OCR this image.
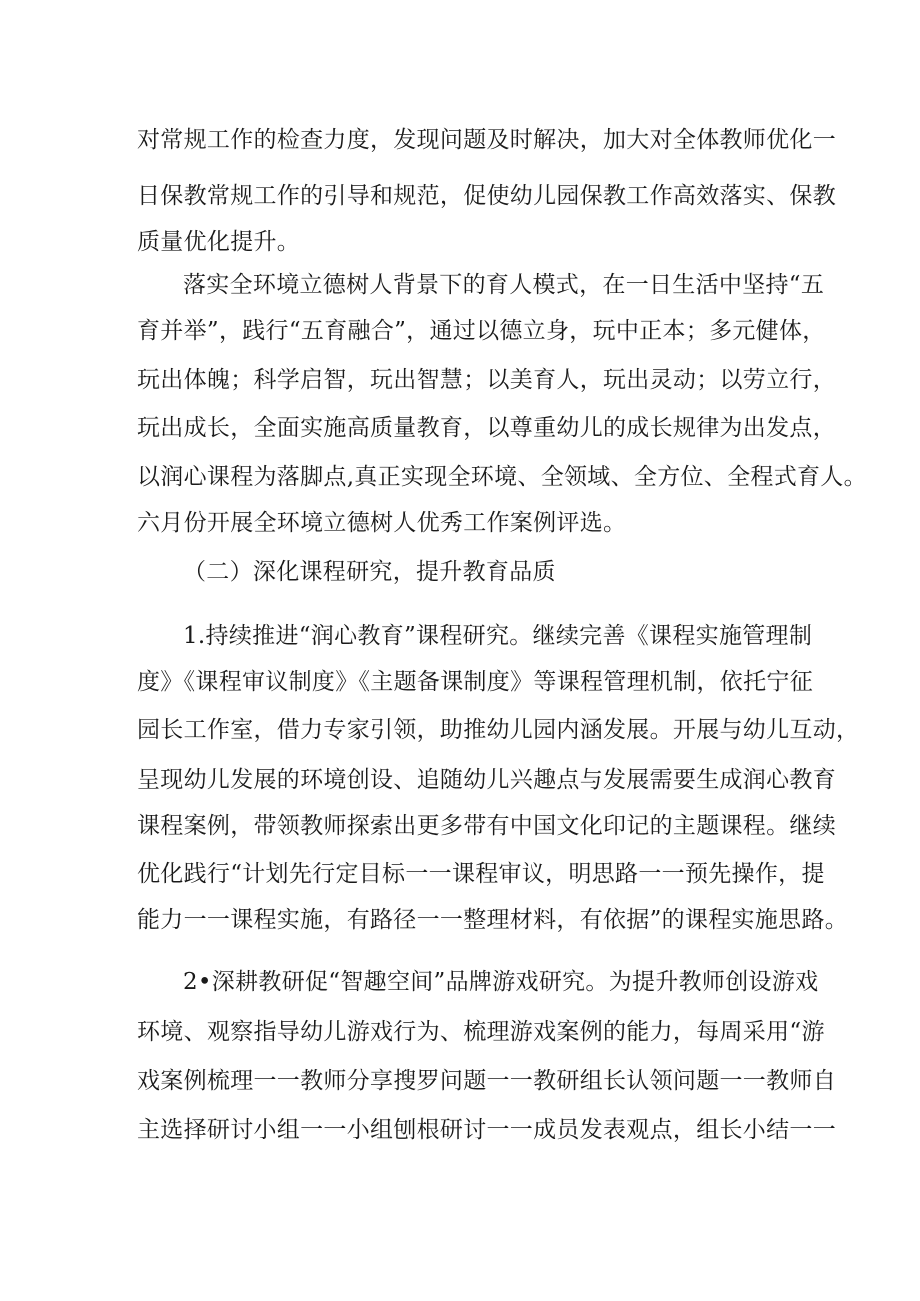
对常规工作的检查力度，发现问题及时解决，加大对全体教师优化一
日保教常规工作的引导和规范，促使幼儿园保教工作高效落实、保教
质量优化提升。
落实全环境立德树人背景下的育人模式，在一日生活中坚持“五
育并举”，践行“五育融合”，通过以德立身，玩中正本；多元健体，
玩出体魄；科学启智，玩出智慧；以美育人，玩出灵动；以劳立行，
玩出成长，全面实施高质量教育，以尊重幼儿的成长规律为出发点，
以润心课程为落脚点,真正实现全环境、全领域、全方位、全程式育人。
六月份开展全环境立德树人优秀工作案例评选。
（二）深化课程研究，提升教育品质
1.持续推进“润心教育”课程研究。继续完善《课程实施管理制
度》《课程审议制度》《主题备课制度》等课程管理机制，依托宁征
园长工作室，借力专家引领，助推幼儿园内涵发展。开展与幼儿互动，
呈现幼儿发展的环境创设、追随幼儿兴趣点与发展需要生成润心教育
课程案例，带领教师探索出更多带有中国文化印记的主题课程。继续
优化践行“计划先行定目标一一课程审议，明思路一一预先操作，提
能力一一课程实施，有路径一一整理材料，有依据”的课程实施思路。
2•深耕教研促“智趣空间”品牌游戏研究。为提升教师创设游戏
环境、观察指导幼儿游戏行为、梳理游戏案例的能力，每周采用“游
戏案例梳理一一教师分享搜罗问题一一教研组长认领问题一一教师自
主选择研讨小组一一小组刨根研讨一一成员发表观点，组长小结一一
